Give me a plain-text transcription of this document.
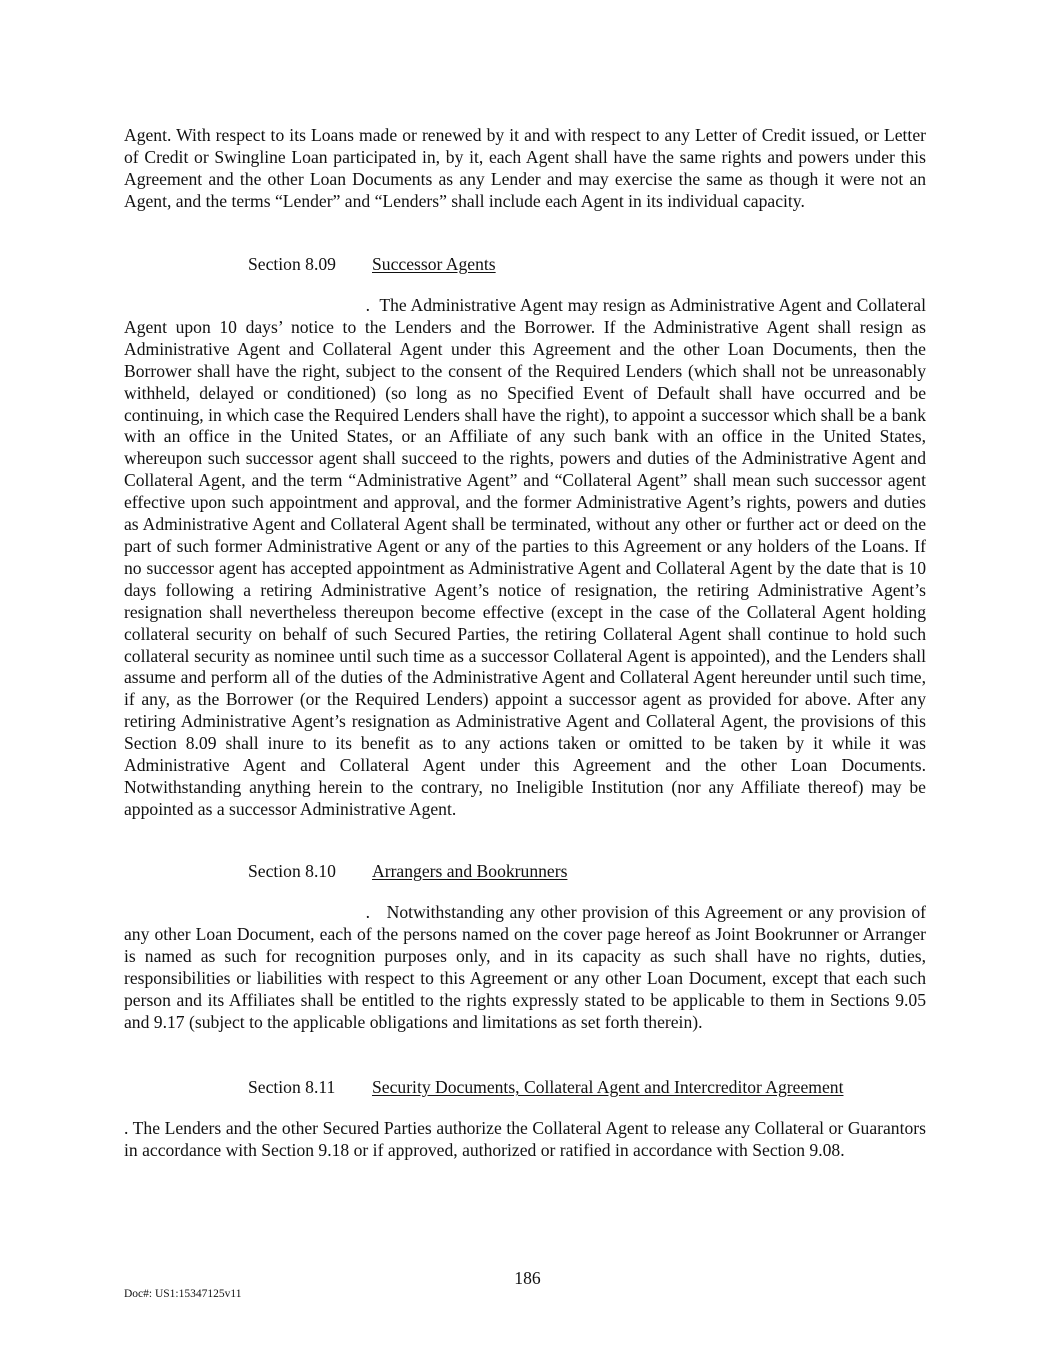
Agent. With respect to its Loans made or renewed by it and with respect to any Letter of Credit issued, or Letter of Credit or Swingline Loan participated in, by it, each Agent shall have the same rights and powers under this Agreement and the other Loan Documents as any Lender and may exercise the same as though it were not an Agent, and the terms “Lender” and “Lenders” shall include each Agent in its individual capacity.

Section 8.09 Successor Agents

. The Administrative Agent may resign as Administrative Agent and Collateral Agent upon 10 days’ notice to the Lenders and the Borrower. If the Administrative Agent shall resign as Administrative Agent and Collateral Agent under this Agreement and the other Loan Documents, then the Borrower shall have the right, subject to the consent of the Required Lenders (which shall not be unreasonably withheld, delayed or conditioned) (so long as no Specified Event of Default shall have occurred and be continuing, in which case the Required Lenders shall have the right), to appoint a successor which shall be a bank with an office in the United States, or an Affiliate of any such bank with an office in the United States, whereupon such successor agent shall succeed to the rights, powers and duties of the Administrative Agent and Collateral Agent, and the term “Administrative Agent” and “Collateral Agent” shall mean such successor agent effective upon such appointment and approval, and the former Administrative Agent’s rights, powers and duties as Administrative Agent and Collateral Agent shall be terminated, without any other or further act or deed on the part of such former Administrative Agent or any of the parties to this Agreement or any holders of the Loans. If no successor agent has accepted appointment as Administrative Agent and Collateral Agent by the date that is 10 days following a retiring Administrative Agent’s notice of resignation, the retiring Administrative Agent’s resignation shall nevertheless thereupon become effective (except in the case of the Collateral Agent holding collateral security on behalf of such Secured Parties, the retiring Collateral Agent shall continue to hold such collateral security as nominee until such time as a successor Collateral Agent is appointed), and the Lenders shall assume and perform all of the duties of the Administrative Agent and Collateral Agent hereunder until such time, if any, as the Borrower (or the Required Lenders) appoint a successor agent as provided for above. After any retiring Administrative Agent’s resignation as Administrative Agent and Collateral Agent, the provisions of this Section 8.09 shall inure to its benefit as to any actions taken or omitted to be taken by it while it was Administrative Agent and Collateral Agent under this Agreement and the other Loan Documents. Notwithstanding anything herein to the contrary, no Ineligible Institution (nor any Affiliate thereof) may be appointed as a successor Administrative Agent.

Section 8.10 Arrangers and Bookrunners

. Notwithstanding any other provision of this Agreement or any provision of any other Loan Document, each of the persons named on the cover page hereof as Joint Bookrunner or Arranger is named as such for recognition purposes only, and in its capacity as such shall have no rights, duties, responsibilities or liabilities with respect to this Agreement or any other Loan Document, except that each such person and its Affiliates shall be entitled to the rights expressly stated to be applicable to them in Sections 9.05 and 9.17 (subject to the applicable obligations and limitations as set forth therein).

Section 8.11 Security Documents, Collateral Agent and Intercreditor Agreement

. The Lenders and the other Secured Parties authorize the Collateral Agent to release any Collateral or Guarantors in accordance with Section 9.18 or if approved, authorized or ratified in accordance with Section 9.08.

186
Doc#: US1:15347125v11
